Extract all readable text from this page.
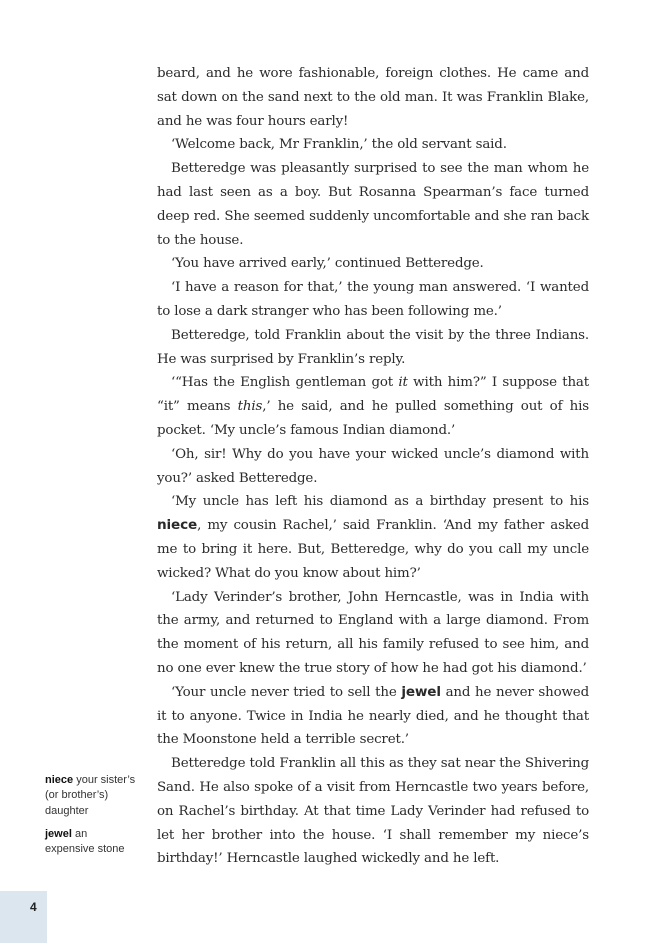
beard, and he wore fashionable, foreign clothes. He came and sat down on the sand next to the old man. It was Franklin Blake, and he was four hours early!

‘Welcome back, Mr Franklin,’ the old servant said.

Betteredge was pleasantly surprised to see the man whom he had last seen as a boy. But Rosanna Spearman’s face turned deep red. She seemed suddenly uncomfortable and she ran back to the house.

‘You have arrived early,’ continued Betteredge.

‘I have a reason for that,’ the young man answered. ‘I wanted to lose a dark stranger who has been following me.’

Betteredge, told Franklin about the visit by the three Indians. He was surprised by Franklin’s reply.

‘“Has the English gentleman got it with him?” I suppose that “it” means this,’ he said, and he pulled something out of his pocket. ‘My uncle’s famous Indian diamond.’

‘Oh, sir! Why do you have your wicked uncle’s diamond with you?’ asked Betteredge.

‘My uncle has left his diamond as a birthday present to his niece, my cousin Rachel,’ said Franklin. ‘And my father asked me to bring it here. But, Betteredge, why do you call my uncle wicked? What do you know about him?’

‘Lady Verinder’s brother, John Herncastle, was in India with the army, and returned to England with a large diamond. From the moment of his return, all his family refused to see him, and no one ever knew the true story of how he had got his diamond.’

‘Your uncle never tried to sell the jewel and he never showed it to anyone. Twice in India he nearly died, and he thought that the Moonstone held a terrible secret.’

Betteredge told Franklin all this as they sat near the Shivering Sand. He also spoke of a visit from Herncastle two years before, on Rachel’s birthday. At that time Lady Verinder had refused to let her brother into the house. ‘I shall remember my niece’s birthday!’ Herncastle laughed wickedly and he left.

niece your sister’s (or brother’s) daughter
jewel an expensive stone
4
